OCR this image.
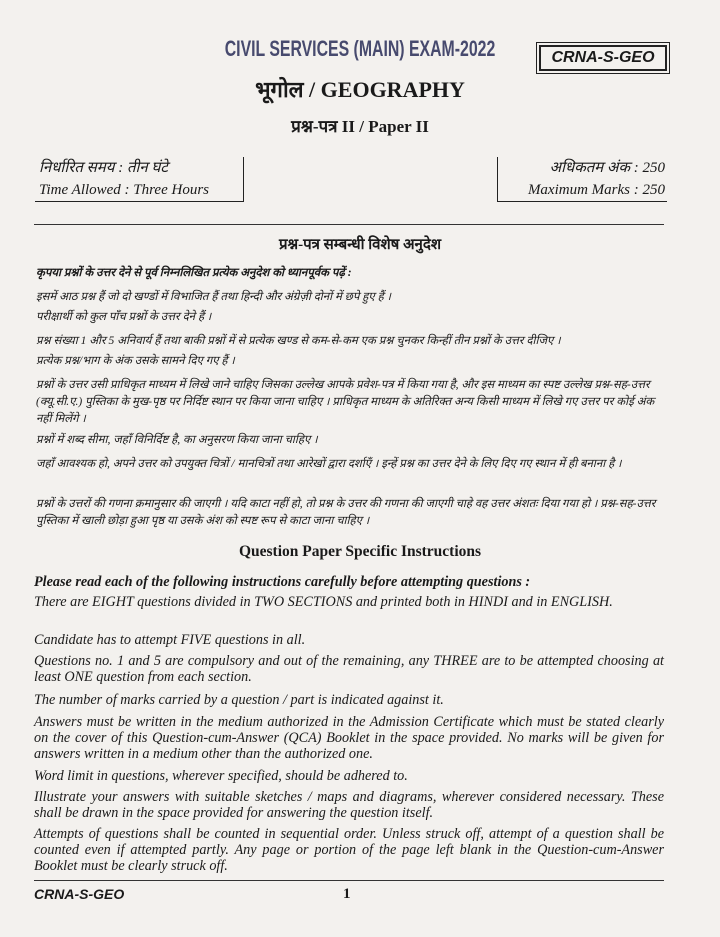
CIVIL SERVICES (MAIN) EXAM-2022	CRNA-S-GEO
भूगोल / GEOGRAPHY
प्रश्न-पत्र II / Paper II
निर्धारित समय : तीन घंटे
Time Allowed : Three Hours
अधिकतम अंक : 250
Maximum Marks : 250
प्रश्न-पत्र सम्बन्धी विशेष अनुदेश
कृपया प्रश्नों के उत्तर देने से पूर्व निम्नलिखित प्रत्येक अनुदेश को ध्यानपूर्वक पढ़ें :
इसमें आठ प्रश्न हैं जो दो खण्डों में विभाजित हैं तथा हिन्दी और अंग्रेज़ी दोनों में छपे हुए हैं ।
परीक्षार्थी को कुल पाँच प्रश्नों के उत्तर देने हैं ।
प्रश्न संख्या 1 और 5 अनिवार्य हैं तथा बाकी प्रश्नों में से प्रत्येक खण्ड से कम-से-कम एक प्रश्न चुनकर किन्हीं तीन प्रश्नों के उत्तर दीजिए ।
प्रत्येक प्रश्न/भाग के अंक उसके सामने दिए गए हैं ।
प्रश्नों के उत्तर उसी प्राधिकृत माध्यम में लिखे जाने चाहिए जिसका उल्लेख आपके प्रवेश-पत्र में किया गया है, और इस माध्यम का स्पष्ट उल्लेख प्रश्न-सह-उत्तर (क्यू.सी.ए.) पुस्तिका के मुख-पृष्ठ पर निर्दिष्ट स्थान पर किया जाना चाहिए । प्राधिकृत माध्यम के अतिरिक्त अन्य किसी माध्यम में लिखे गए उत्तर पर कोई अंक नहीं मिलेंगे ।
प्रश्नों में शब्द सीमा, जहाँ विनिर्दिष्ट है, का अनुसरण किया जाना चाहिए ।
जहाँ आवश्यक हो, अपने उत्तर को उपयुक्त चित्रों / मानचित्रों तथा आरेखों द्वारा दर्शाएँ । इन्हें प्रश्न का उत्तर देने के लिए दिए गए स्थान में ही बनाना है ।
प्रश्नों के उत्तरों की गणना क्रमानुसार की जाएगी । यदि काटा नहीं हो, तो प्रश्न के उत्तर की गणना की जाएगी चाहे वह उत्तर अंशतः दिया गया हो । प्रश्न-सह-उत्तर पुस्तिका में खाली छोड़ा हुआ पृष्ठ या उसके अंश को स्पष्ट रूप से काटा जाना चाहिए ।
Question Paper Specific Instructions
Please read each of the following instructions carefully before attempting questions :
There are EIGHT questions divided in TWO SECTIONS and printed both in HINDI and in ENGLISH.
Candidate has to attempt FIVE questions in all.
Questions no. 1 and 5 are compulsory and out of the remaining, any THREE are to be attempted choosing at least ONE question from each section.
The number of marks carried by a question / part is indicated against it.
Answers must be written in the medium authorized in the Admission Certificate which must be stated clearly on the cover of this Question-cum-Answer (QCA) Booklet in the space provided. No marks will be given for answers written in a medium other than the authorized one.
Word limit in questions, wherever specified, should be adhered to.
Illustrate your answers with suitable sketches / maps and diagrams, wherever considered necessary. These shall be drawn in the space provided for answering the question itself.
Attempts of questions shall be counted in sequential order. Unless struck off, attempt of a question shall be counted even if attempted partly. Any page or portion of the page left blank in the Question-cum-Answer Booklet must be clearly struck off.
CRNA-S-GEO	1
